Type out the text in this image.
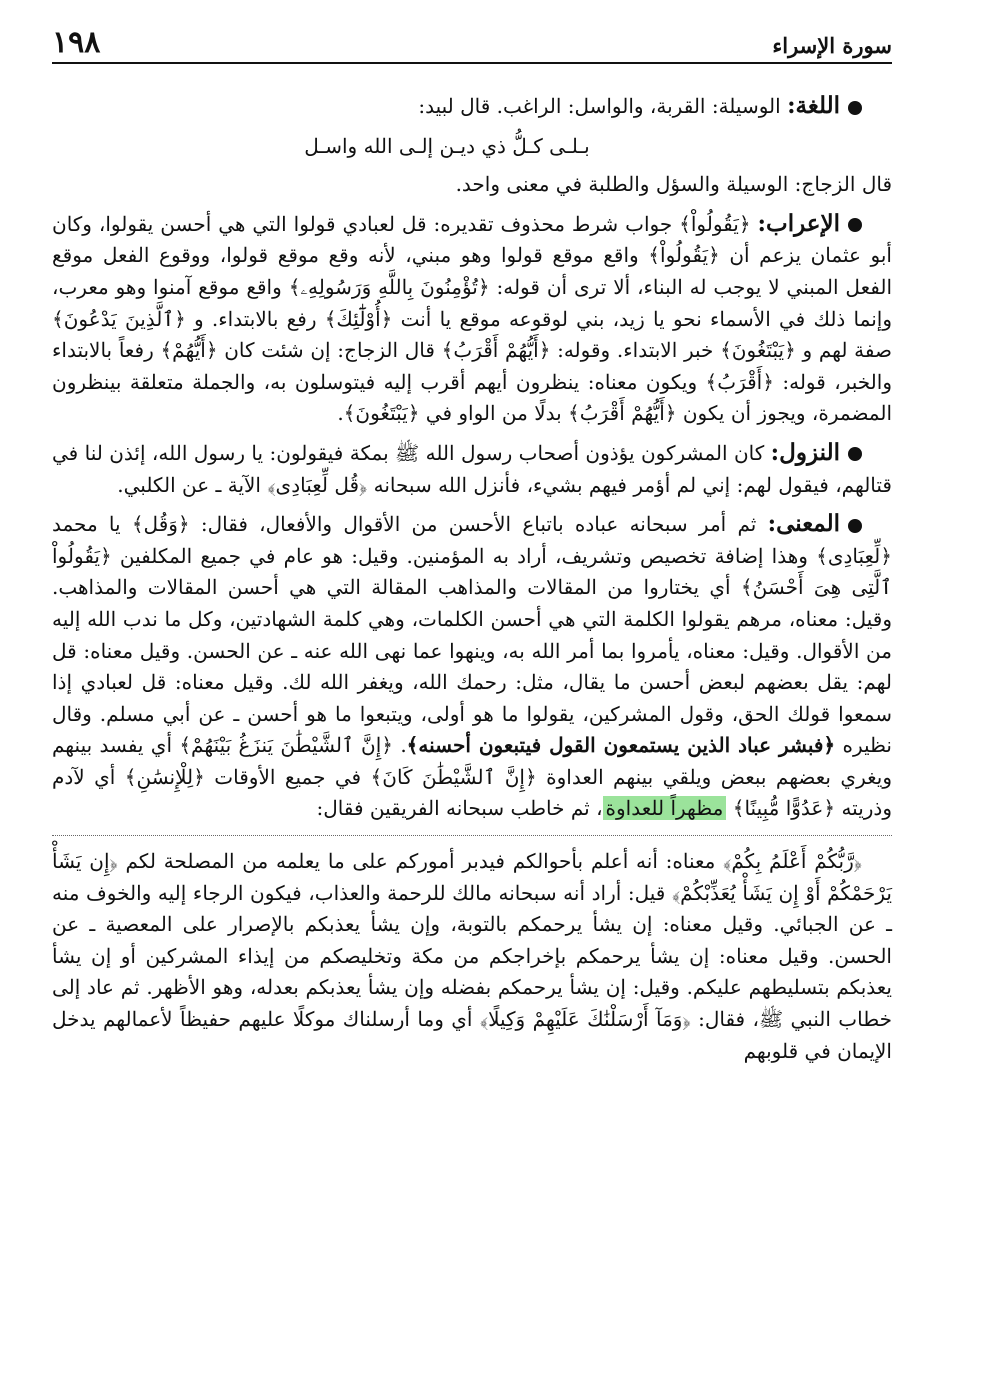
سورة الإسراء
١٩٨

اللغة: الوسيلة: القربة، والواسل: الراغب. قال لبيد:

بـلـى كـلُّ ذي ديـن إلـى الله واسـل

قال الزجاج: الوسيلة والسؤل والطلبة في معنى واحد.

الإعراب: ﴿يَقُولُواْ﴾ جواب شرط محذوف تقديره: قل لعبادي قولوا التي هي أحسن يقولوا، وكان أبو عثمان يزعم أن ﴿يَقُولُواْ﴾ واقع موقع قولوا وهو مبني، لأنه وقع موقع قولوا، ووقوع الفعل موقع الفعل المبني لا يوجب له البناء، ألا ترى أن قوله: ﴿تُؤْمِنُونَ بِاللَّهِ وَرَسُولِهِۦ﴾ واقع موقع آمنوا وهو معرب، وإنما ذلك في الأسماء نحو يا زيد، بني لوقوعه موقع يا أنت ﴿أُوْلَٰٓئِكَ﴾ رفع بالابتداء. و ﴿ٱلَّذِينَ يَدْعُونَ﴾ صفة لهم و ﴿يَبْتَغُونَ﴾ خبر الابتداء. وقوله: ﴿أَيُّهُمْ أَقْرَبُ﴾ قال الزجاج: إن شئت كان ﴿أَيُّهُمْ﴾ رفعاً بالابتداء والخبر، قوله: ﴿أَقْرَبُ﴾ ويكون معناه: ينظرون أيهم أقرب إليه فيتوسلون به، والجملة متعلقة بينظرون المضمرة، ويجوز أن يكون ﴿أَيُّهُمْ أَقْرَبُ﴾ بدلًا من الواو في ﴿يَبْتَغُونَ﴾.

النزول: كان المشركون يؤذون أصحاب رسول الله ﷺ بمكة فيقولون: يا رسول الله، إئذن لنا في قتالهم، فيقول لهم: إني لم أؤمر فيهم بشيء، فأنزل الله سبحانه ﴿قُل لِّعِبَادِى﴾ الآية ـ عن الكلبي.

المعنى: ثم أمر سبحانه عباده باتباع الأحسن من الأقوال والأفعال، فقال: ﴿وَقُل﴾ يا محمد ﴿لِّعِبَادِى﴾ وهذا إضافة تخصيص وتشريف، أراد به المؤمنين. وقيل: هو عام في جميع المكلفين ﴿يَقُولُواْ ٱلَّتِى هِىَ أَحْسَنُ﴾ أي يختاروا من المقالات والمذاهب المقالة التي هي أحسن المقالات والمذاهب. وقيل: معناه، مرهم يقولوا الكلمة التي هي أحسن الكلمات، وهي كلمة الشهادتين، وكل ما ندب الله إليه من الأقوال. وقيل: معناه، يأمروا بما أمر الله به، وينهوا عما نهى الله عنه ـ عن الحسن. وقيل معناه: قل لهم: يقل بعضهم لبعض أحسن ما يقال، مثل: رحمك الله، ويغفر الله لك. وقيل معناه: قل لعبادي إذا سمعوا قولك الحق، وقول المشركين، يقولوا ما هو أولى، ويتبعوا ما هو أحسن ـ عن أبي مسلم. وقال نظيره ﴿فبشر عباد الذين يستمعون القول فيتبعون أحسنه﴾. ﴿إِنَّ ٱلشَّيْطَٰنَ يَنزَغُ بَيْنَهُمْ﴾ أي يفسد بينهم ويغري بعضهم ببعض ويلقي بينهم العداوة ﴿إِنَّ ٱلشَّيْطَٰنَ كَانَ﴾ في جميع الأوقات ﴿لِلْإِنسَٰنِ﴾ أي لآدم وذريته ﴿عَدُوًّا مُّبِينًا﴾ مظهراً للعداوة، ثم خاطب سبحانه الفريقين فقال:

﴿رَّبُّكُمْ أَعْلَمُ بِكُمْ﴾ معناه: أنه أعلم بأحوالكم فيدبر أموركم على ما يعلمه من المصلحة لكم ﴿إِن يَشَأْ يَرْحَمْكُمْ أَوْ إِن يَشَأْ يُعَذِّبْكُمْ﴾ قيل: أراد أنه سبحانه مالك للرحمة والعذاب، فيكون الرجاء إليه والخوف منه ـ عن الجبائي. وقيل معناه: إن يشأ يرحمكم بالتوبة، وإن يشأ يعذبكم بالإصرار على المعصية ـ عن الحسن. وقيل معناه: إن يشأ يرحمكم بإخراجكم من مكة وتخليصكم من إيذاء المشركين أو إن يشأ يعذبكم بتسليطهم عليكم. وقيل: إن يشأ يرحمكم بفضله وإن يشأ يعذبكم بعدله، وهو الأظهر. ثم عاد إلى خطاب النبي ﷺ، فقال: ﴿وَمَآ أَرْسَلْنَٰكَ عَلَيْهِمْ وَكِيلًا﴾ أي وما أرسلناك موكلًا عليهم حفيظاً لأعمالهم يدخل الإيمان في قلوبهم
